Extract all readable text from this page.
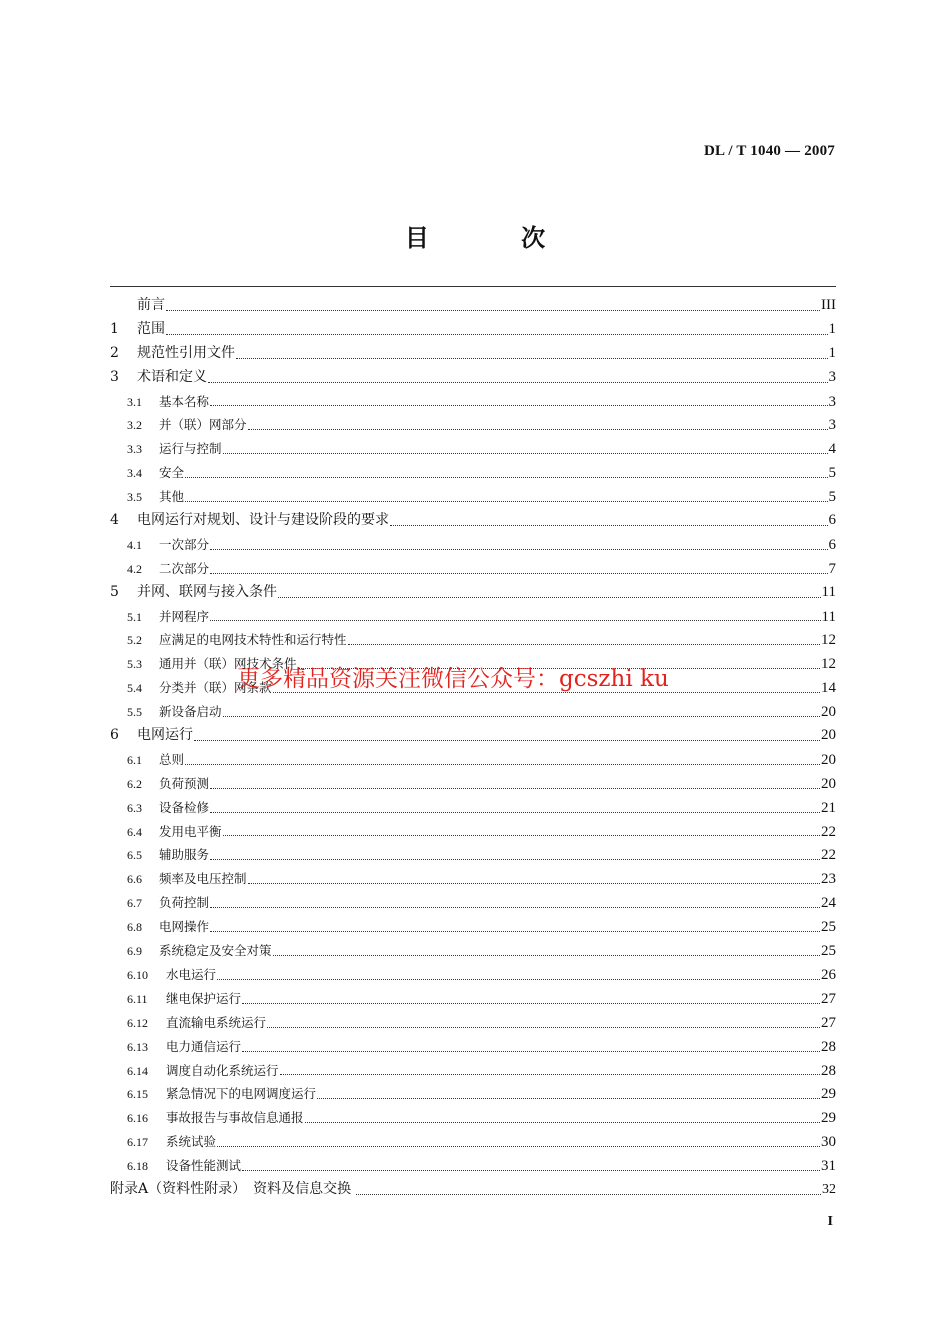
DL / T 1040 — 2007
目 次
前言	III
1	范围	1
2	规范性引用文件	1
3	术语和定义	3
3.1	基本名称	3
3.2	并（联）网部分	3
3.3	运行与控制	4
3.4	安全	5
3.5	其他	5
4	电网运行对规划、设计与建设阶段的要求	6
4.1	一次部分	6
4.2	二次部分	7
5	并网、联网与接入条件	11
5.1	并网程序	11
5.2	应满足的电网技术特性和运行特性	12
5.3	通用并（联）网技术条件	12
5.4	分类并（联）网条款	14
5.5	新设备启动	20
6	电网运行	20
6.1	总则	20
6.2	负荷预测	20
6.3	设备检修	21
6.4	发用电平衡	22
6.5	辅助服务	22
6.6	频率及电压控制	23
6.7	负荷控制	24
6.8	电网操作	25
6.9	系统稳定及安全对策	25
6.10	水电运行	26
6.11	继电保护运行	27
6.12	直流输电系统运行	27
6.13	电力通信运行	28
6.14	调度自动化系统运行	28
6.15	紧急情况下的电网调度运行	29
6.16	事故报告与事故信息通报	29
6.17	系统试验	30
6.18	设备性能测试	31
附录A（资料性附录）　资料及信息交换	32
更多精品资源关注微信公众号：gcszhi ku
I
